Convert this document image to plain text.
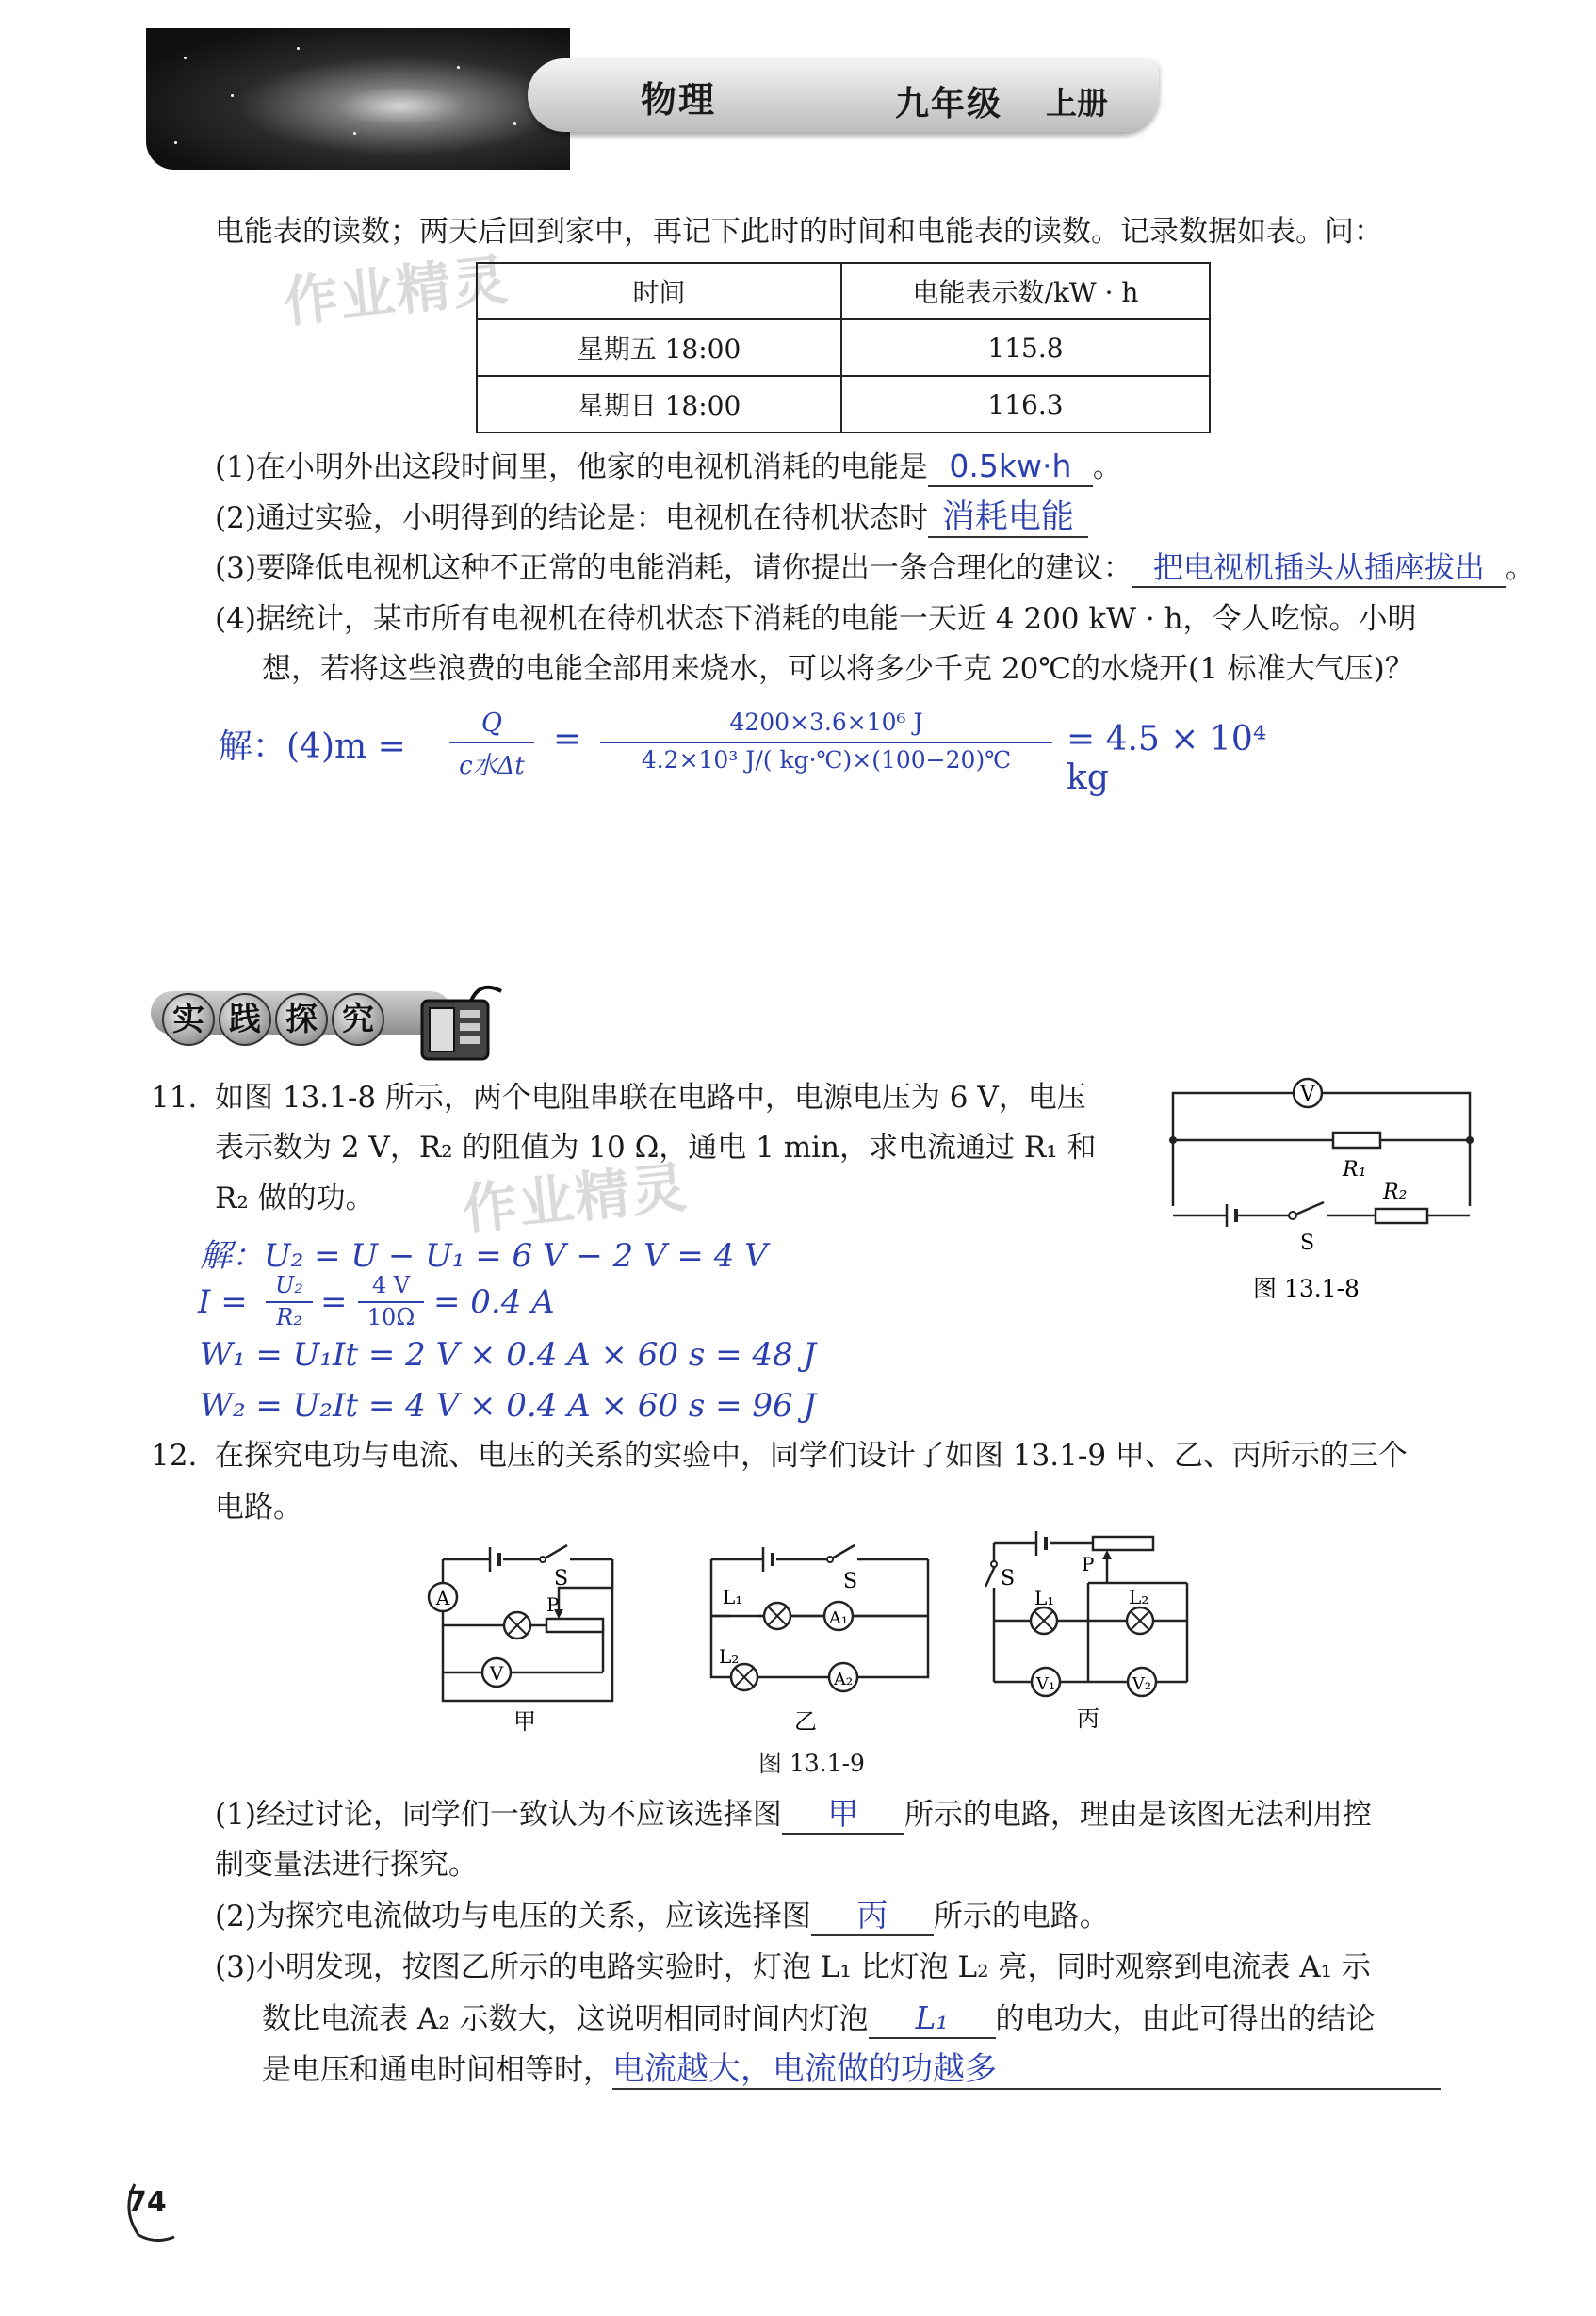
物理	九年级 上册
作业精灵
作业精灵
电能表的读数；两天后回到家中，再记下此时的时间和电能表的读数。记录数据如表。问：
时间	电能表示数/kW · h
星期五 18:00	115.8
星期日 18:00	116.3
(1)在小明外出这段时间里，他家的电视机消耗的电能是 0.5kw·h 。
(2)通过实验，小明得到的结论是：电视机在待机状态时 消耗电能
(3)要降低电视机这种不正常的电能消耗，请你提出一条合理化的建议： 把电视机插头从插座拔出 。
(4)据统计，某市所有电视机在待机状态下消耗的电能一天近 4 200 kW · h，令人吃惊。小明
想，若将这些浪费的电能全部用来烧水，可以将多少千克 20℃的水烧开(1 标准大气压)？
解：(4)m =
Q
c水Δt
=	4200×3.6×10⁶ J
4.2×10³ J/( kg·℃)×(100−20)℃
= 4.5 × 10⁴ kg
实 践 探 究
11. 如图 13.1-8 所示，两个电阻串联在电路中，电源电压为 6 V，电压
表示数为 2 V，R₂ 的阻值为 10 Ω，通电 1 min，求电流通过 R₁ 和
R₂ 做的功。
解：U₂ = U − U₁ = 6 V − 2 V = 4 V
I =	U₂
R₂ =	4 V
10Ω = 0.4 A
W₁ = U₁It = 2 V × 0.4 A × 60 s = 48 J
W₂ = U₂It = 4 V × 0.4 A × 60 s = 96 J
V
R₁
R₂
S
图 13.1-8
12. 在探究电功与电流、电压的关系的实验中，同学们设计了如图 13.1-9 甲、乙、丙所示的三个
电路。
S
A	P
V
甲
S
L₁
A₁
L₂
A₂
乙
S
P
L₁	L₂
V₁	V₂
丙
图 13.1-9
(1)经过讨论，同学们一致认为不应该选择图 甲 所示的电路，理由是该图无法利用控
制变量法进行探究。
(2)为探究电流做功与电压的关系，应该选择图 丙 所示的电路。
(3)小明发现，按图乙所示的电路实验时，灯泡 L₁ 比灯泡 L₂ 亮，同时观察到电流表 A₁ 示
数比电流表 A₂ 示数大，这说明相同时间内灯泡 L₁ 的电功大，由此可得出的结论
是电压和通电时间相等时，电流越大，电流做的功越多
74
